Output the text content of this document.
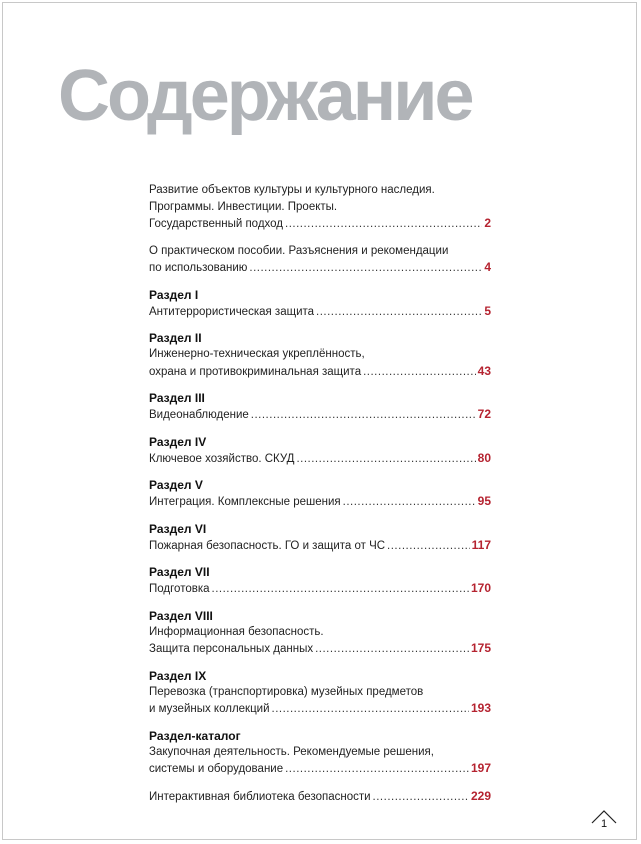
Содержание
Развитие объектов культуры и культурного наследия.
Программы. Инвестиции. Проекты.
Государственный подход .....	2
О практическом пособии. Разъяснения и рекомендации
по использованию .....	4
Раздел I
Антитеррористическая защита .....	5
Раздел II
Инженерно-техническая укреплённость,
охрана и противокриминальная защита .....	43
Раздел III
Видеонаблюдение .....	72
Раздел IV
Ключевое хозяйство. СКУД .....	80
Раздел V
Интеграция. Комплексные решения .....	95
Раздел VI
Пожарная безопасность. ГО и защита от ЧС .....	117
Раздел VII
Подготовка .....	170
Раздел VIII
Информационная безопасность.
Защита персональных данных .....	175
Раздел IX
Перевозка (транспортировка) музейных предметов
и музейных коллекций .....	193
Раздел-каталог
Закупочная деятельность. Рекомендуемые решения,
системы и оборудование .....	197
Интерактивная библиотека безопасности .....	229
1
